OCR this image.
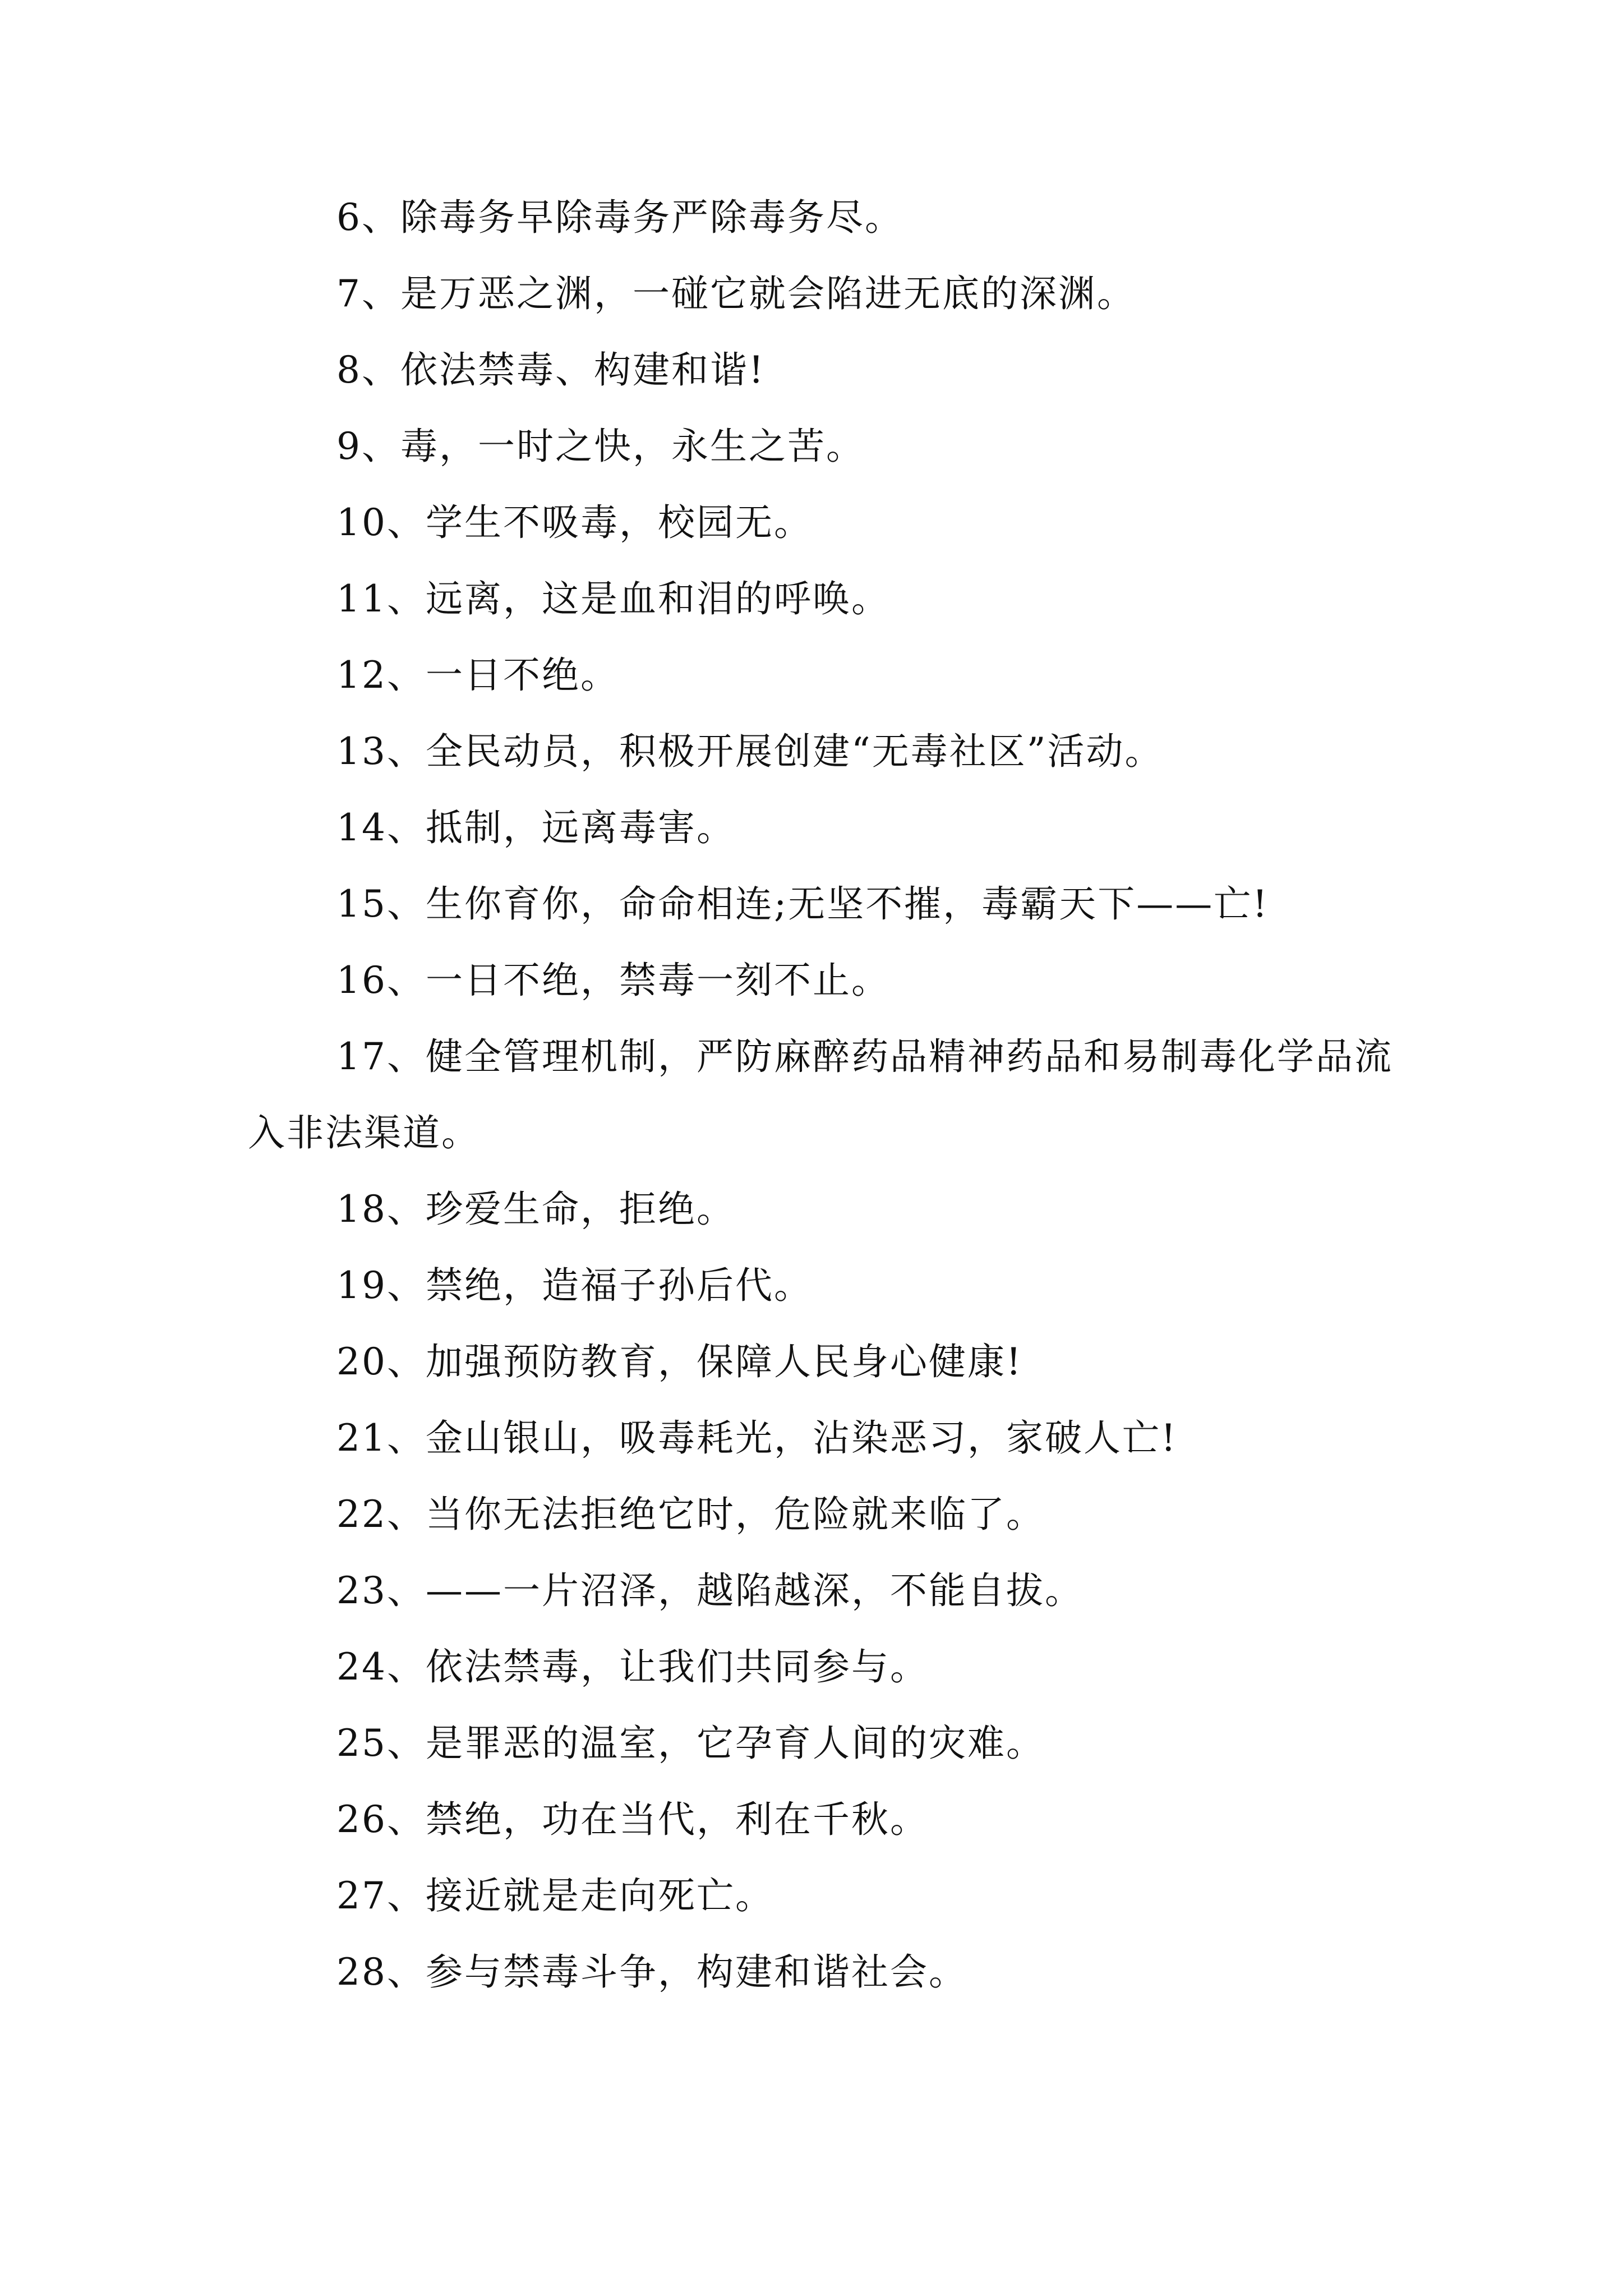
6、除毒务早除毒务严除毒务尽。

7、是万恶之渊，一碰它就会陷进无底的深渊。

8、依法禁毒、构建和谐!

9、毒，一时之快，永生之苦。

10、学生不吸毒，校园无。

11、远离，这是血和泪的呼唤。

12、一日不绝。

13、全民动员，积极开展创建“无毒社区”活动。

14、抵制，远离毒害。

15、生你育你，命命相连;无坚不摧，毒霸天下——亡!

16、一日不绝，禁毒一刻不止。

17、健全管理机制，严防麻醉药品精神药品和易制毒化学品流入非法渠道。

18、珍爱生命，拒绝。

19、禁绝，造福子孙后代。

20、加强预防教育，保障人民身心健康!

21、金山银山，吸毒耗光，沾染恶习，家破人亡!

22、当你无法拒绝它时，危险就来临了。

23、——一片沼泽，越陷越深，不能自拔。

24、依法禁毒，让我们共同参与。

25、是罪恶的温室，它孕育人间的灾难。

26、禁绝，功在当代，利在千秋。

27、接近就是走向死亡。

28、参与禁毒斗争，构建和谐社会。
